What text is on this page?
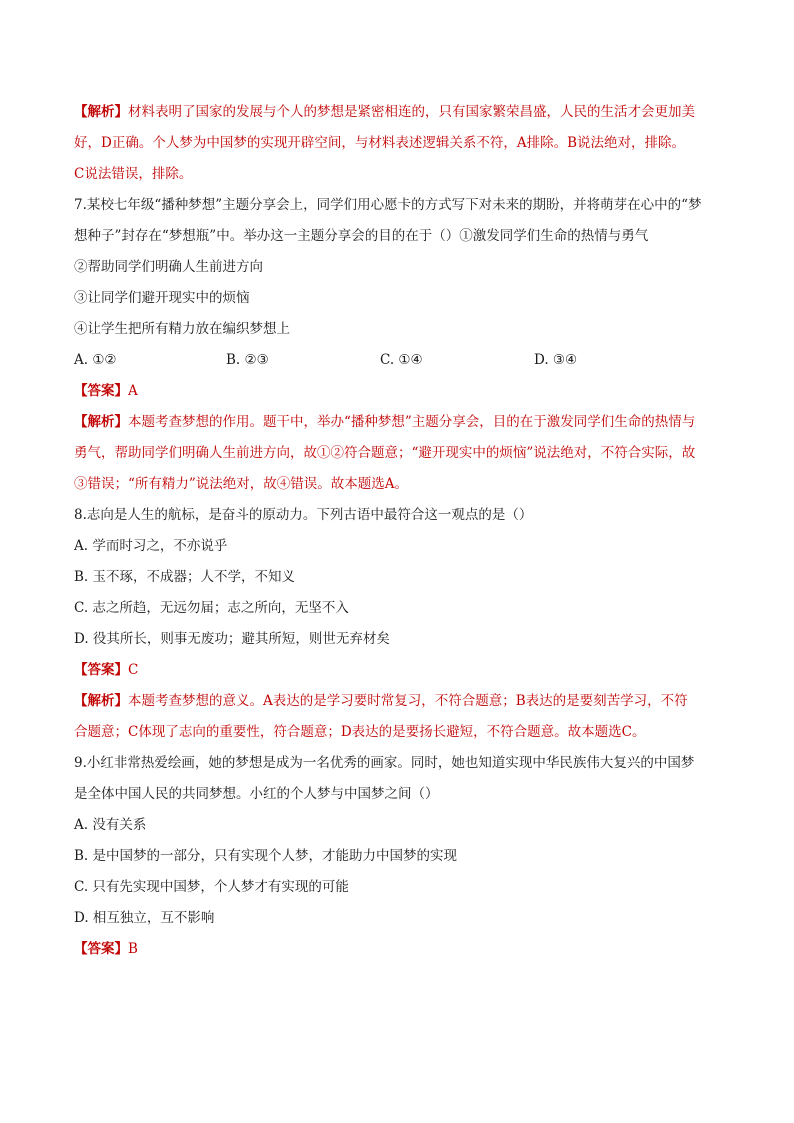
【解析】材料表明了国家的发展与个人的梦想是紧密相连的，只有国家繁荣昌盛，人民的生活才会更加美
好，D正确。个人梦为中国梦的实现开辟空间，与材料表述逻辑关系不符，A排除。B说法绝对，排除。
C说法错误，排除。
7.某校七年级“播种梦想”主题分享会上，同学们用心愿卡的方式写下对未来的期盼，并将萌芽在心中的“梦
想种子”封存在“梦想瓶”中。举办这一主题分享会的目的在于（）①激发同学们生命的热情与勇气
②帮助同学们明确人生前进方向
③让同学们避开现实中的烦恼
④让学生把所有精力放在编织梦想上
A. ①②	B. ②③	C. ①④	D. ③④
【答案】A
【解析】本题考查梦想的作用。题干中，举办“播种梦想”主题分享会，目的在于激发同学们生命的热情与
勇气，帮助同学们明确人生前进方向，故①②符合题意；“避开现实中的烦恼”说法绝对，不符合实际，故
③错误；“所有精力”说法绝对，故④错误。故本题选A。
8.志向是人生的航标，是奋斗的原动力。下列古语中最符合这一观点的是（）
A. 学而时习之，不亦说乎
B. 玉不琢，不成器；人不学，不知义
C. 志之所趋，无远勿届；志之所向，无坚不入
D. 役其所长，则事无废功；避其所短，则世无弃材矣
【答案】C
【解析】本题考查梦想的意义。A表达的是学习要时常复习，不符合题意；B表达的是要刻苦学习，不符
合题意；C体现了志向的重要性，符合题意；D表达的是要扬长避短，不符合题意。故本题选C。
9.小红非常热爱绘画，她的梦想是成为一名优秀的画家。同时，她也知道实现中华民族伟大复兴的中国梦
是全体中国人民的共同梦想。小红的个人梦与中国梦之间（）
A. 没有关系
B. 是中国梦的一部分，只有实现个人梦，才能助力中国梦的实现
C. 只有先实现中国梦，个人梦才有实现的可能
D. 相互独立，互不影响
【答案】B
